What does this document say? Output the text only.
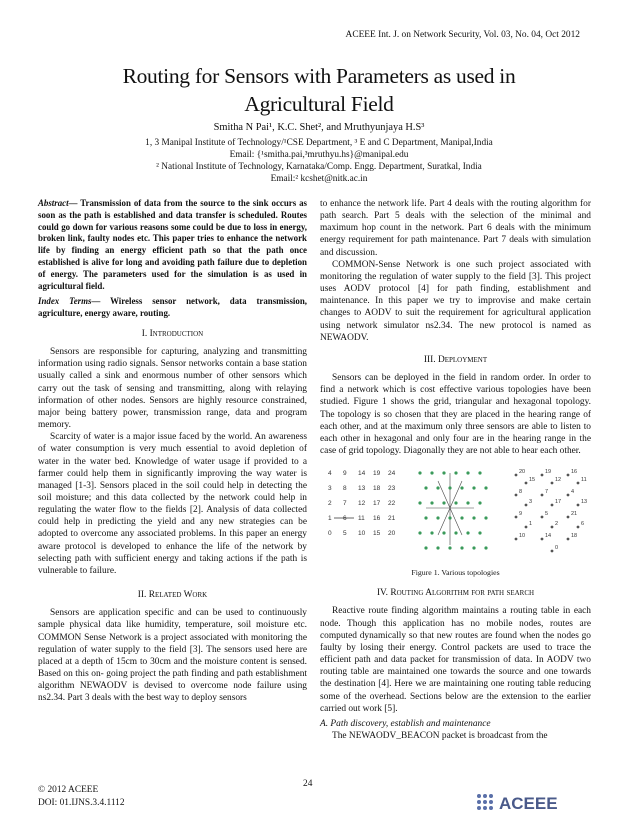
ACEEE Int. J. on Network Security, Vol. 03, No. 04, Oct 2012
Routing for Sensors with Parameters as used in
Agricultural Field
Smitha N Pai¹, K.C. Shet², and Mruthyunjaya H.S³
1, 3 Manipal Institute of Technology/¹CSE Department, ³ E and C Department, Manipal,India
Email: {¹smitha.pai,³mruthyu.hs}@manipal.edu
² National Institute of Technology, Karnataka/Comp. Engg. Department, Suratkal, India
Email:² kcshet@nitk.ac.in

Abstract— Transmission of data from the source to the sink occurs as soon as the path is established and data transfer is scheduled. Routes could go down for various reasons some could be due to loss in energy, broken link, faulty nodes etc. This paper tries to enhance the network life by finding an energy efficient path so that the path once established is alive for long and avoiding path failure due to depletion of energy. The parameters used for the simulation is as used in agricultural field.

Index Terms— Wireless sensor network, data transmission, agriculture, energy aware, routing.

I. Introduction

Sensors are responsible for capturing, analyzing and transmitting information using radio signals. Sensor networks contain a base station usually called a sink and enormous number of other sensors which carry out the task of sensing and transmitting, along with relaying information of other nodes. Sensors are highly resource constrained, major being battery power, transmission range, data and program memory.

Scarcity of water is a major issue faced by the world. An awareness of water consumption is very much essential to avoid depletion of water in the water bed. Knowledge of water usage if provided to a farmer could help them in significantly improving the way water is managed [1-3]. Sensors placed in the soil could help in detecting the soil moisture; and this data collected by the network could help in regulating the water flow to the fields [2]. Analysis of data collected could help in predicting the yield and any new strategies can be adopted to overcome any associated problems. In this paper an energy aware protocol is developed to enhance the life of the network by selecting path with sufficient energy and taking actions if the path is vulnerable to failure.

II. Related Work

Sensors are application specific and can be used to continuously sample physical data like humidity, temperature, soil moisture etc. COMMON Sense Network is a project associated with monitoring the regulation of water supply to the field [3]. The sensors used here are placed at a depth of 15cm to 30cm and the moisture content is sensed. Based on this on- going project the path finding and path establishment algorithm NEWAODV is devised to overcome node failure using ns2.34. Part 3 deals with the best way to deploy sensors

to enhance the network life. Part 4 deals with the routing algorithm for path search. Part 5 deals with the selection of the minimal and maximum hop count in the network. Part 6 deals with the minimum energy requirement for path maintenance. Part 7 deals with simulation and discussion.

COMMON-Sense Network is one such project associated with monitoring the regulation of water supply to the field [3]. This project uses AODV protocol [4] for path finding, establishment and maintenance. In this paper we try to improvise and make certain changes to AODV to suit the requirement for agricultural application using network simulator ns2.34. The new protocol is named as NEWAODV.

III. Deployment

Sensors can be deployed in the field in random order. In order to find a network which is cost effective various topologies have been studied. Figure 1 shows the grid, triangular and hexagonal topology. The topology is so chosen that they are placed in the hearing range of each other, and at the maximum only three sensors are able to listen to each other in hexagonal and only four are in the hearing range in the case of grid topology. Diagonally they are not able to hear each other.

4 9 14 19 24
3 8 13 18 23
2 7 12 17 22
1 6 11 16 21
0 5 10 15 20
20	19	16
15	12	11
8	7	4
3	17	13
9	5	21
1	2	6
10	14	18
0

Figure 1. Various topologies

IV. Routing Algorithm for path search

Reactive route finding algorithm maintains a routing table in each node. Though this application has no mobile nodes, routes are computed dynamically so that new routes are found when the nodes go faulty by losing their energy. Control packets are used to trace the efficient path and data packet for transmission of data. In AODV two routing table are maintained one towards the source and one towards the destination [4]. Here we are maintaining one routing table reducing some of the overhead. Sections below are the extension to the earlier carried out work [5].

A. Path discovery, establish and maintenance

The NEWAODV_BEACON packet is broadcast from the

24
© 2012 ACEEE
DOI: 01.IJNS.3.4.1112	ACEEE
